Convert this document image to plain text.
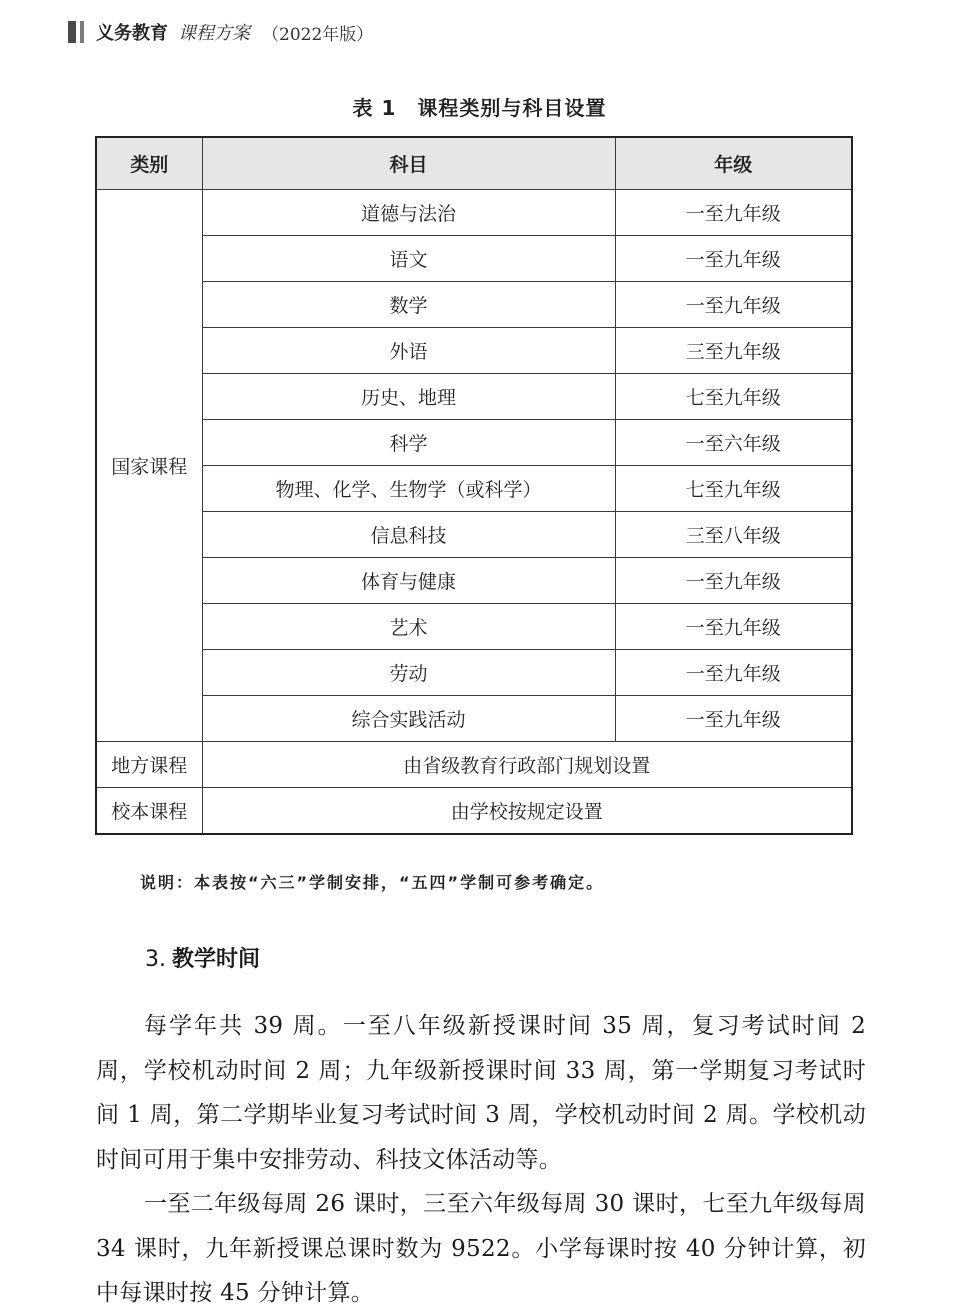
义务教育 课程方案 （2022年版）
表 1　课程类别与科目设置
类别	科目	年级
国家课程	道德与法治	一至九年级
	语文	一至九年级
	数学	一至九年级
	外语	三至九年级
	历史、地理	七至九年级
	科学	一至六年级
	物理、化学、生物学（或科学）	七至九年级
	信息科技	三至八年级
	体育与健康	一至九年级
	艺术	一至九年级
	劳动	一至九年级
	综合实践活动	一至九年级
地方课程	由省级教育行政部门规划设置	
校本课程	由学校按规定设置	
说明：本表按“六三”学制安排，“五四”学制可参考确定。
3. 教学时间
每学年共 39 周。一至八年级新授课时间 35 周，复习考试时间 2 周，学校机动时间 2 周；九年级新授课时间 33 周，第一学期复习考试时间 1 周，第二学期毕业复习考试时间 3 周，学校机动时间 2 周。学校机动时间可用于集中安排劳动、科技文体活动等。
一至二年级每周 26 课时，三至六年级每周 30 课时，七至九年级每周 34 课时，九年新授课总课时数为 9522。小学每课时按 40 分钟计算，初中每课时按 45 分钟计算。
